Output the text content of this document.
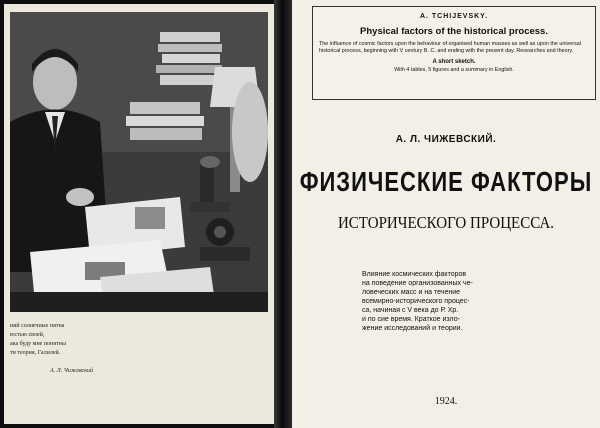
ний солнечные пятна
юстью своей,
ака буду мне понятны
ти теория, Галилей.
А. Л. Чижевский
A. TCHIJEVSKY.
Physical factors of the historical process.
The influence of cosmic factors upon the behaviour of organised human masses as well as upon the universal historical process, beginning with V century B. C. and ending with the present day. Researches and theory.
A short sketch.
With 4 tables, 5 figures and a summary in English.
А. Л. ЧИЖЕВСКИЙ.
ФИЗИЧЕСКИЕ ФАКТОРЫ
ИСТОРИЧЕСКОГО ПРОЦЕССА.
Влияние космических факторов
на поведение организованных че-
ловеческих масс и на течение
всемирно-исторического процес-
са, начиная с V века до Р. Хр.
и по сие время. Краткое изло-
жение исследований и теории.
1924.
